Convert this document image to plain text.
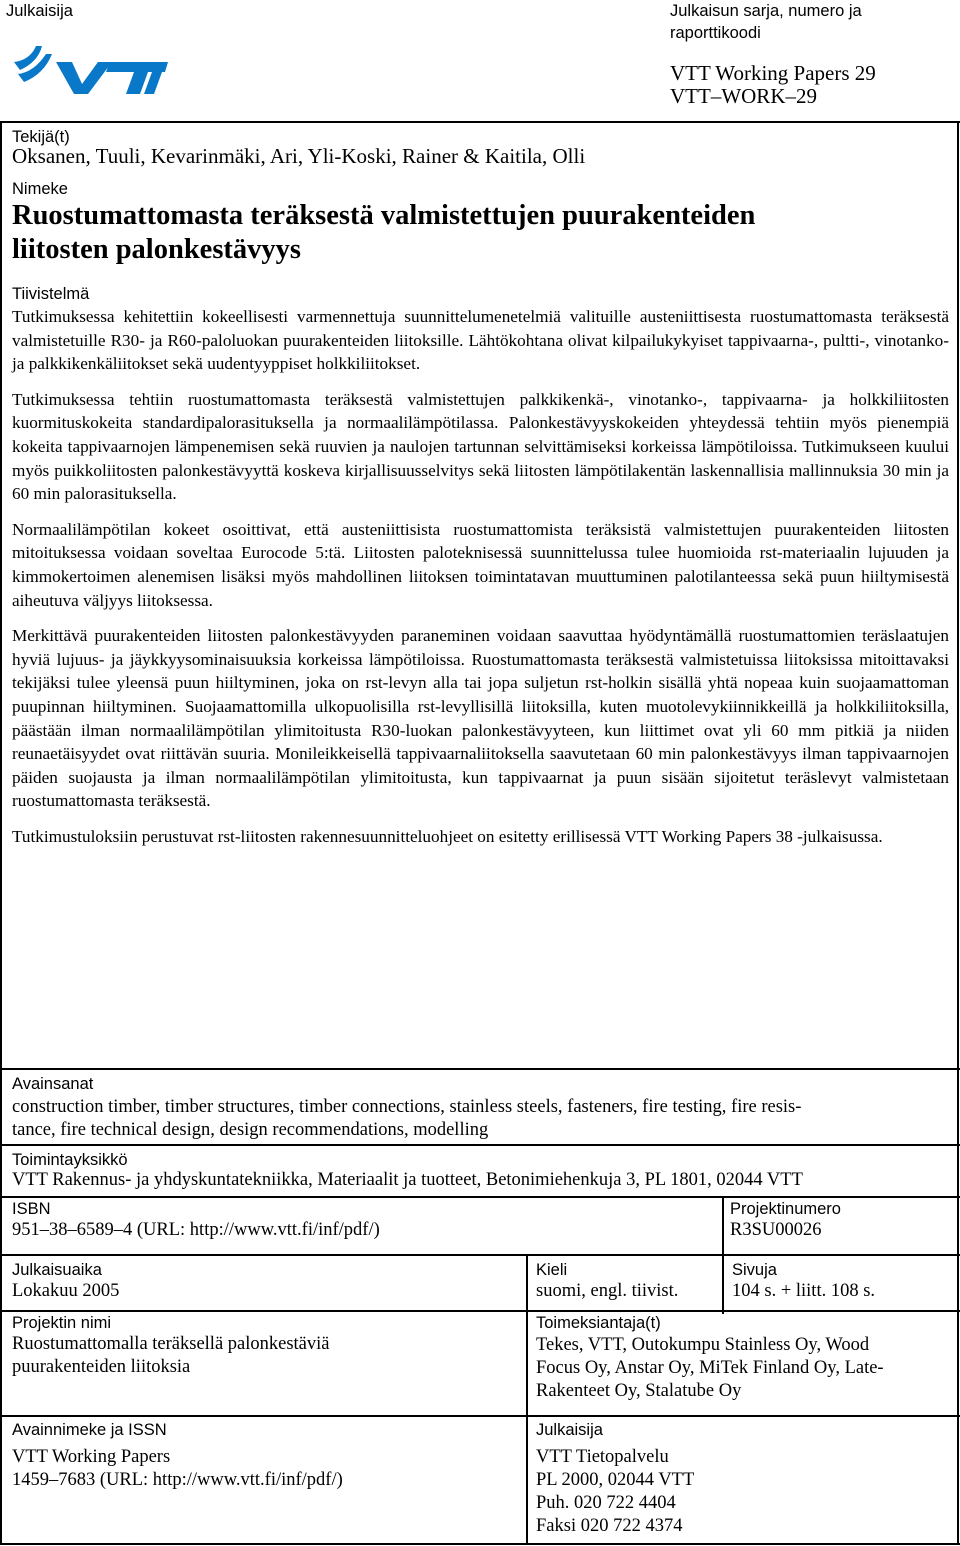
Julkaisija	Julkaisun sarja, numero ja
raporttikoodi
VTT Working Papers 29
VTT–WORK–29
Tekijä(t)
Oksanen, Tuuli, Kevarinmäki, Ari, Yli-Koski, Rainer & Kaitila, Olli
Nimeke
Ruostumattomasta teräksestä valmistettujen puurakenteiden
liitosten palonkestävyys
Tiivistelmä

Tutkimuksessa kehitettiin kokeellisesti varmennettuja suunnittelumenetelmiä valituille austeniittisesta ruostumattomasta teräksestä valmistetuille R30- ja R60-paloluokan puurakenteiden liitoksille. Lähtökohtana olivat kilpailukykyiset tappivaarna-, pultti-, vinotanko- ja palkkikenkäliitokset sekä uudentyyppiset holkkiliitokset.

Tutkimuksessa tehtiin ruostumattomasta teräksestä valmistettujen palkkikenkä-, vinotanko-, tappivaarna- ja holkkiliitosten kuormituskokeita standardipalorasituksella ja normaalilämpötilassa. Palonkestävyyskokeiden yhteydessä tehtiin myös pienempiä kokeita tappivaarnojen lämpenemisen sekä ruuvien ja naulojen tartunnan selvittämiseksi korkeissa lämpötiloissa. Tutkimukseen kuului myös puikkoliitosten palonkestävyyttä koskeva kirjallisuusselvitys sekä liitosten lämpötilakentän laskennallisia mallinnuksia 30 min ja 60 min palorasituksella.

Normaalilämpötilan kokeet osoittivat, että austeniittisista ruostumattomista teräksistä valmistettujen puurakenteiden liitosten mitoituksessa voidaan soveltaa Eurocode 5:tä. Liitosten paloteknisessä suunnittelussa tulee huomioida rst-materiaalin lujuuden ja kimmokertoimen alenemisen lisäksi myös mahdollinen liitoksen toimintatavan muuttuminen palotilanteessa sekä puun hiiltymisestä aiheutuva väljyys liitoksessa.

Merkittävä puurakenteiden liitosten palonkestävyyden paraneminen voidaan saavuttaa hyödyntämällä ruostumattomien teräslaatujen hyviä lujuus- ja jäykkyysominaisuuksia korkeissa lämpötiloissa. Ruostumattomasta teräksestä valmistetuissa liitoksissa mitoittavaksi tekijäksi tulee yleensä puun hiiltyminen, joka on rst-levyn alla tai jopa suljetun rst-holkin sisällä yhtä nopeaa kuin suojaamattoman puupinnan hiiltyminen. Suojaamattomilla ulkopuolisilla rst-levyllisillä liitoksilla, kuten muotolevykiinnikkeillä ja holkkiliitoksilla, päästään ilman normaalilämpötilan ylimitoitusta R30-luokan palonkestävyyteen, kun liittimet ovat yli 60 mm pitkiä ja niiden reunaetäisyydet ovat riittävän suuria. Monileikkeisellä tappivaarnaliitoksella saavutetaan 60 min palonkestävyys ilman tappivaarnojen päiden suojausta ja ilman normaalilämpötilan ylimitoitusta, kun tappivaarnat ja puun sisään sijoitetut teräslevyt valmistetaan ruostumattomasta teräksestä.

Tutkimustuloksiin perustuvat rst-liitosten rakennesuunnitteluohjeet on esitetty erillisessä VTT Working Papers 38 -julkaisussa.

Avainsanat
construction timber, timber structures, timber connections, stainless steels, fasteners, fire testing, fire resis-
tance, fire technical design, design recommendations, modelling
Toimintayksikkö
VTT Rakennus- ja yhdyskuntatekniikka, Materiaalit ja tuotteet, Betonimiehenkuja 3, PL 1801, 02044 VTT
ISBN
951–38–6589–4 (URL: http://www.vtt.fi/inf/pdf/)
Projektinumero
R3SU00026
Julkaisuaika
Lokakuu 2005
Kieli
suomi, engl. tiivist.
Sivuja
104 s. + liitt. 108 s.
Projektin nimi
Ruostumattomalla teräksellä palonkestäviä
puurakenteiden liitoksia
Toimeksiantaja(t)
Tekes, VTT, Outokumpu Stainless Oy, Wood
Focus Oy, Anstar Oy, MiTek Finland Oy, Late-
Rakenteet Oy, Stalatube Oy
Avainnimeke ja ISSN
VTT Working Papers
1459–7683 (URL: http://www.vtt.fi/inf/pdf/)
Julkaisija
VTT Tietopalvelu
PL 2000, 02044 VTT
Puh. 020 722 4404
Faksi 020 722 4374
